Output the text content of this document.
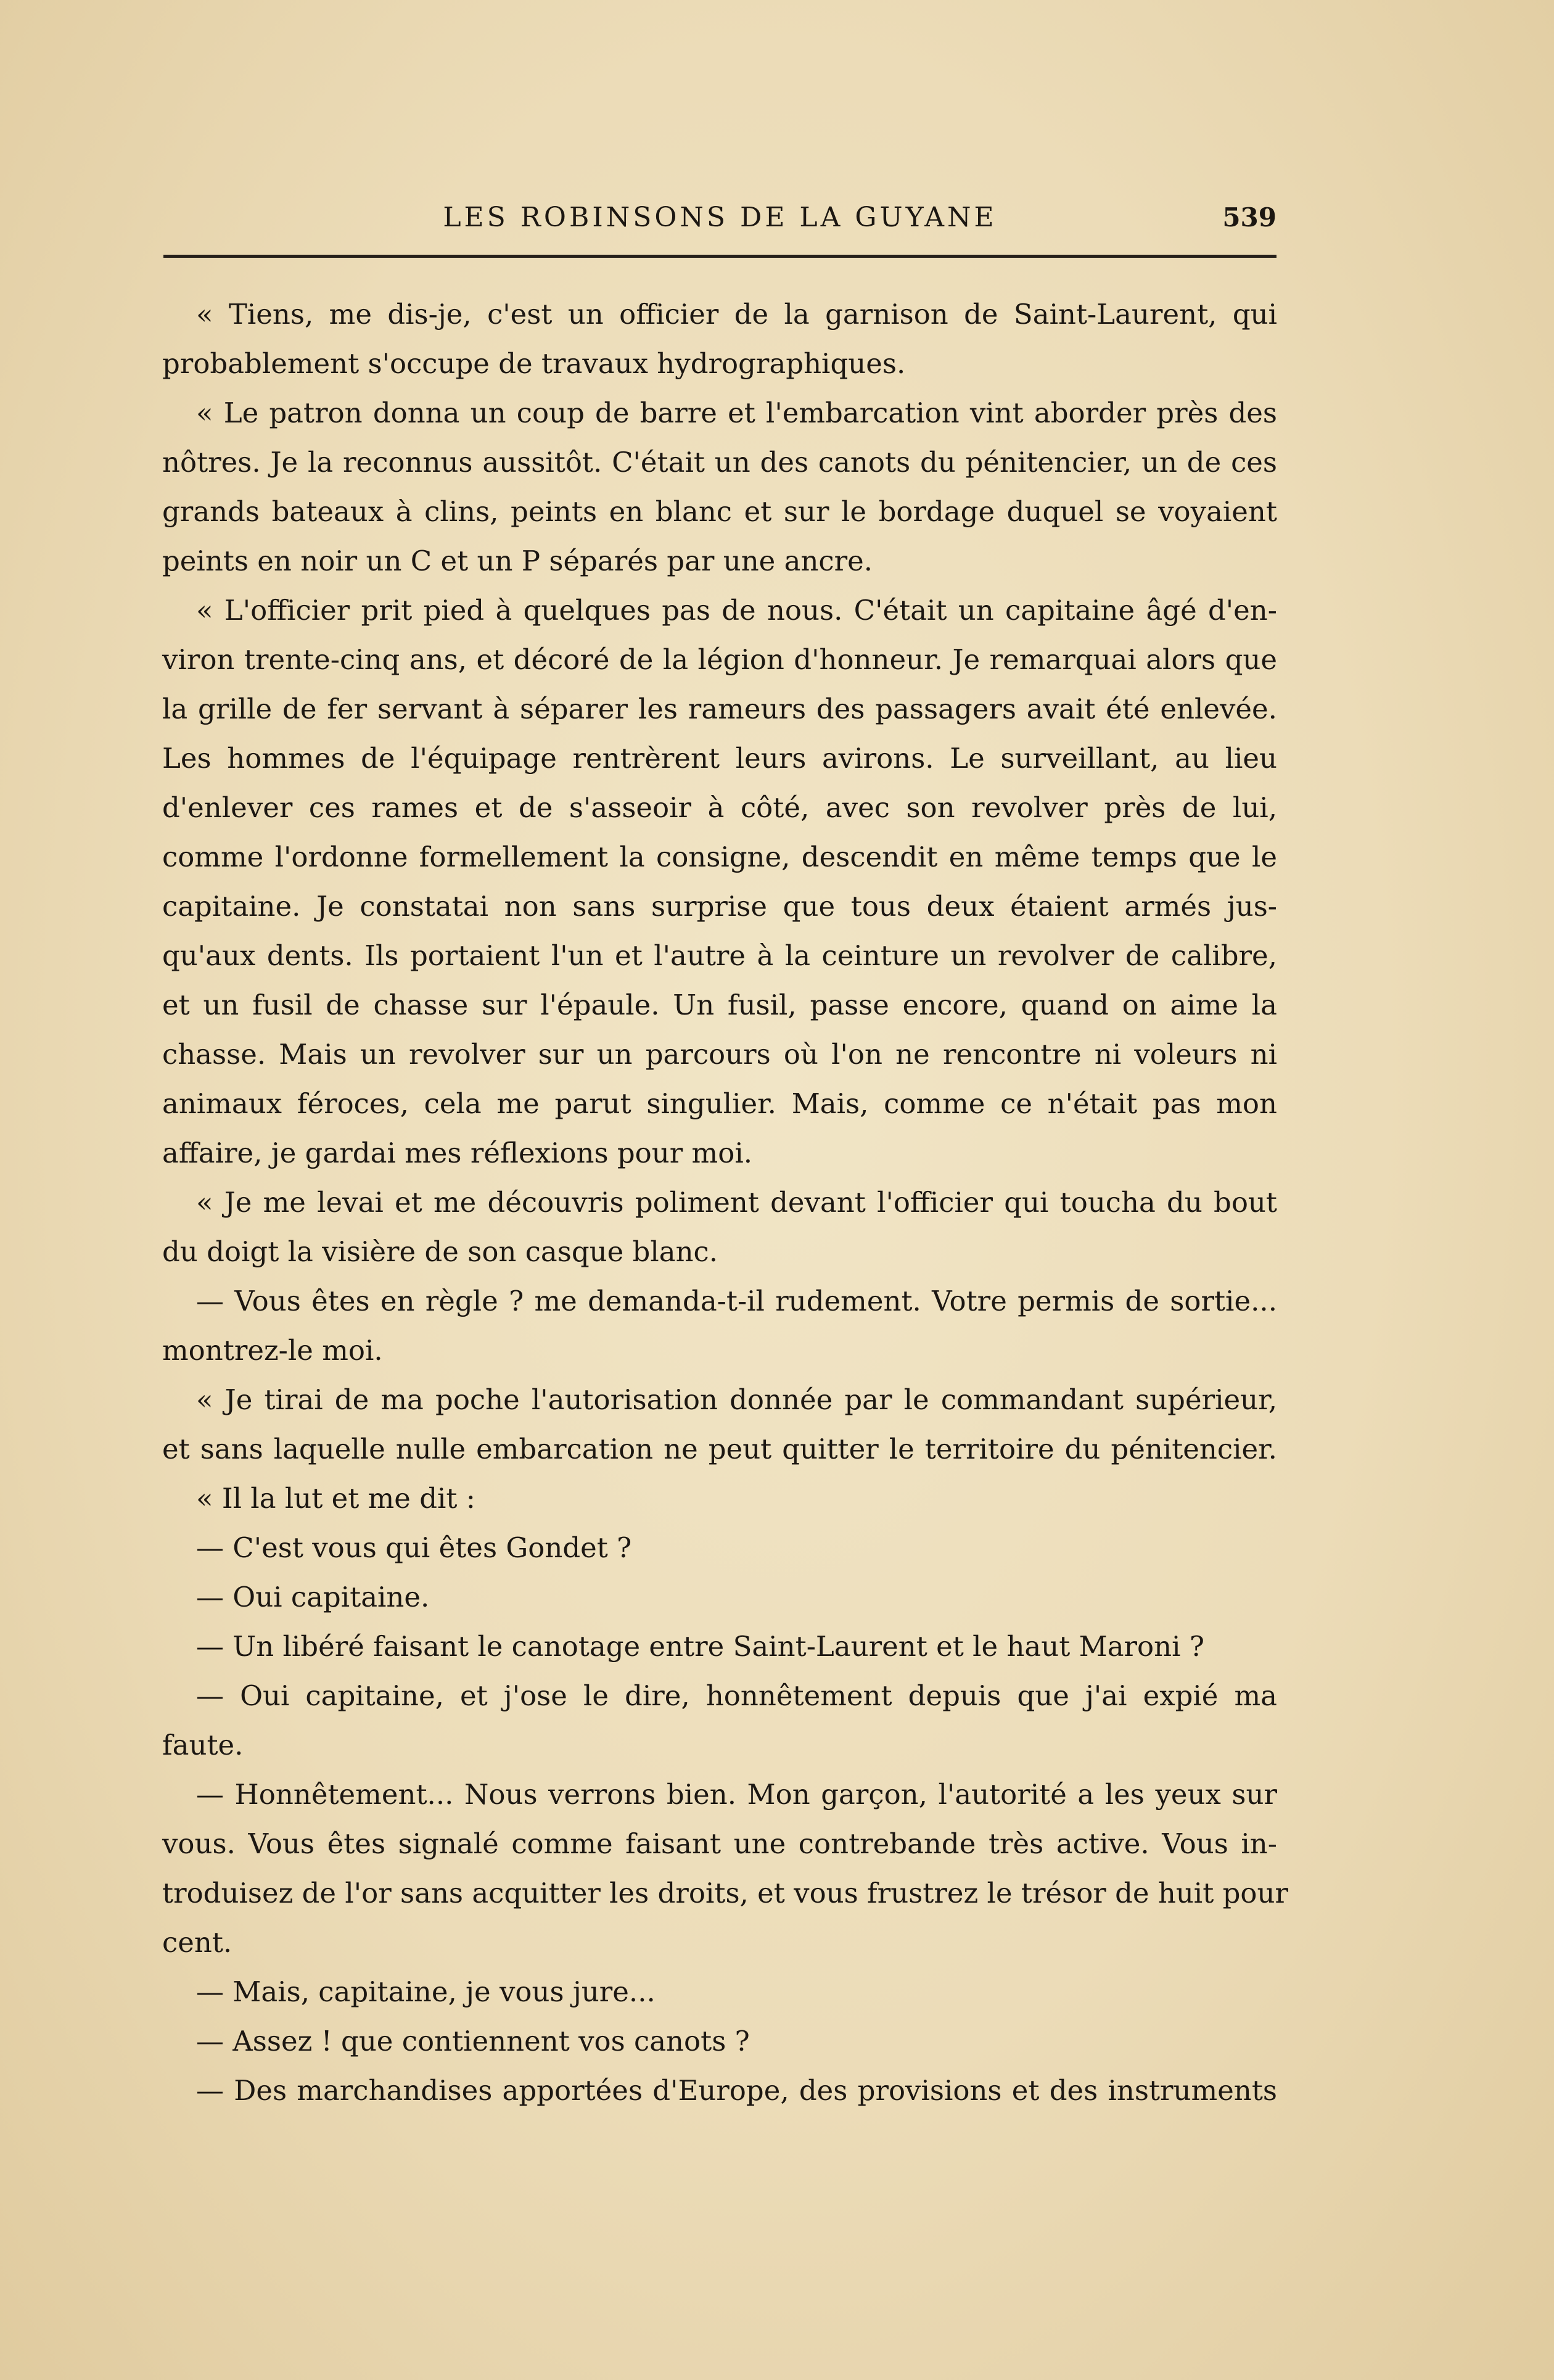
LES ROBINSONS DE LA GUYANE	539
« Tiens, me dis-je, c'est un officier de la garnison de Saint-Laurent, qui
probablement s'occupe de travaux hydrographiques.
« Le patron donna un coup de barre et l'embarcation vint aborder près des
nôtres. Je la reconnus aussitôt. C'était un des canots du pénitencier, un de ces
grands bateaux à clins, peints en blanc et sur le bordage duquel se voyaient
peints en noir un C et un P séparés par une ancre.
« L'officier prit pied à quelques pas de nous. C'était un capitaine âgé d'en-
viron trente-cinq ans, et décoré de la légion d'honneur. Je remarquai alors que
la grille de fer servant à séparer les rameurs des passagers avait été enlevée.
Les hommes de l'équipage rentrèrent leurs avirons. Le surveillant, au lieu
d'enlever ces rames et de s'asseoir à côté, avec son revolver près de lui,
comme l'ordonne formellement la consigne, descendit en même temps que le
capitaine. Je constatai non sans surprise que tous deux étaient armés jus-
qu'aux dents. Ils portaient l'un et l'autre à la ceinture un revolver de calibre,
et un fusil de chasse sur l'épaule. Un fusil, passe encore, quand on aime la
chasse. Mais un revolver sur un parcours où l'on ne rencontre ni voleurs ni
animaux féroces, cela me parut singulier. Mais, comme ce n'était pas mon
affaire, je gardai mes réflexions pour moi.
« Je me levai et me découvris poliment devant l'officier qui toucha du bout
du doigt la visière de son casque blanc.
— Vous êtes en règle ? me demanda-t-il rudement. Votre permis de sortie...
montrez-le moi.
« Je tirai de ma poche l'autorisation donnée par le commandant supérieur,
et sans laquelle nulle embarcation ne peut quitter le territoire du pénitencier.
« Il la lut et me dit :
— C'est vous qui êtes Gondet ?
— Oui capitaine.
— Un libéré faisant le canotage entre Saint-Laurent et le haut Maroni ?
— Oui capitaine, et j'ose le dire, honnêtement depuis que j'ai expié ma
faute.
— Honnêtement... Nous verrons bien. Mon garçon, l'autorité a les yeux sur
vous. Vous êtes signalé comme faisant une contrebande très active. Vous in-
troduisez de l'or sans acquitter les droits, et vous frustrez le trésor de huit pour
cent.
— Mais, capitaine, je vous jure...
— Assez ! que contiennent vos canots ?
— Des marchandises apportées d'Europe, des provisions et des instruments
